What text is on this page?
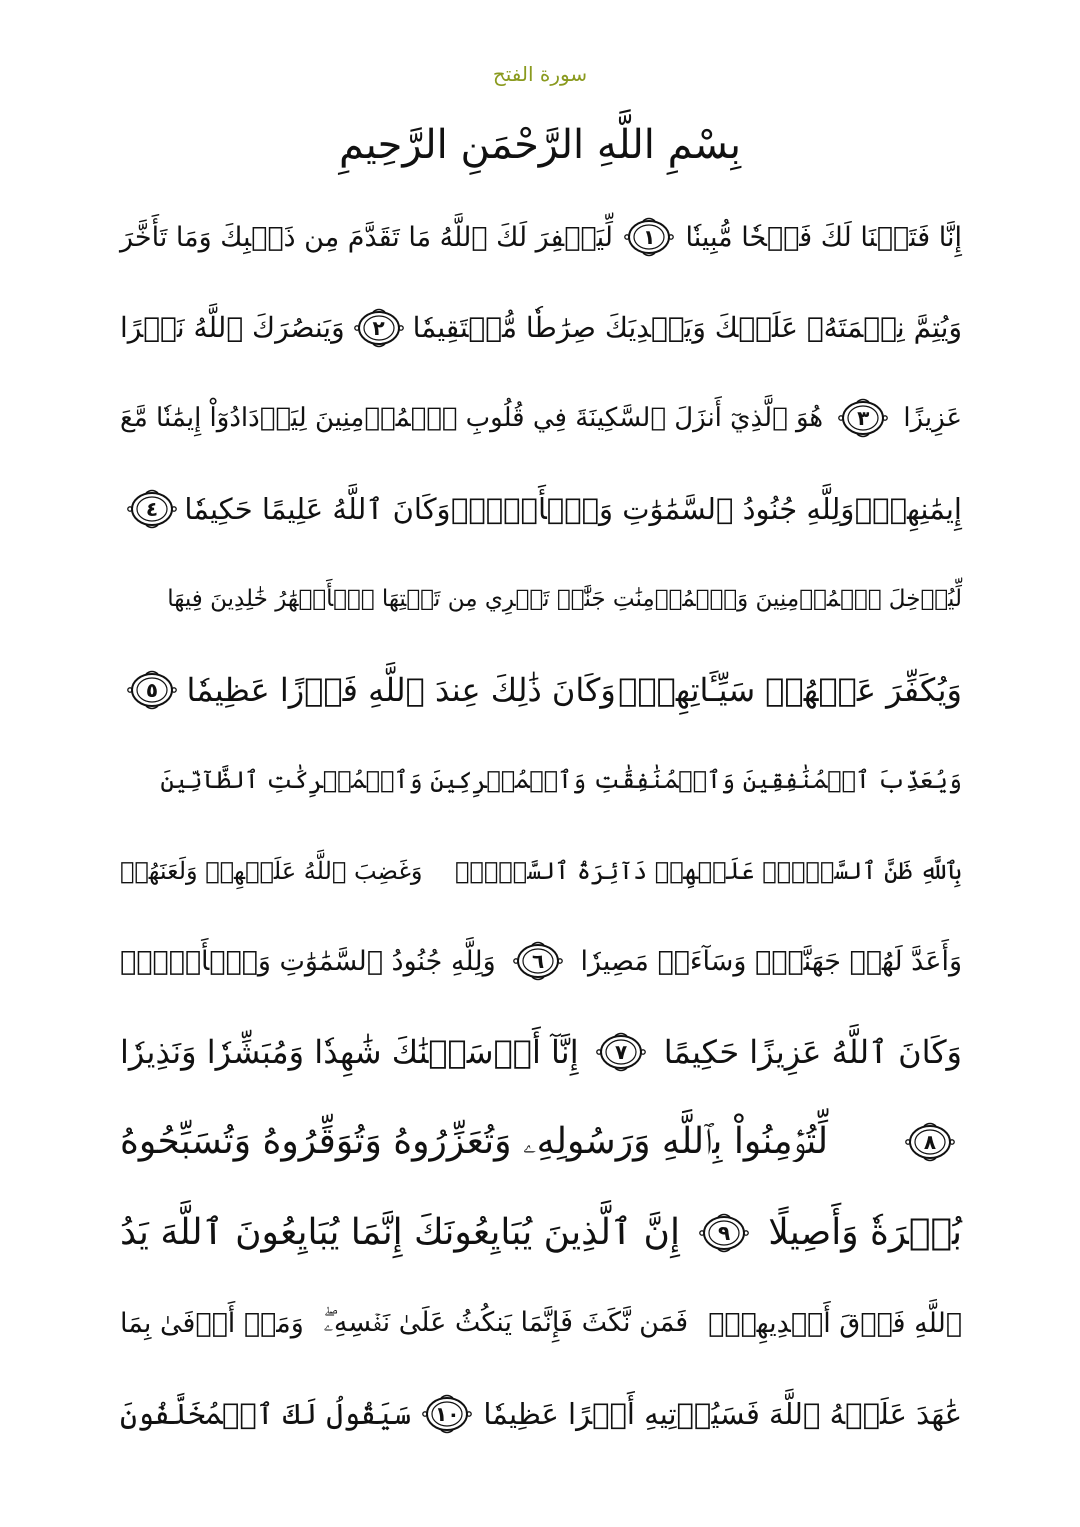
سورة الفتح
بِسْمِ اللَّهِ الرَّحْمَنِ الرَّحِيمِ
إِنَّا فَتَحۡنَا لَكَ فَتۡحٗا مُّبِينٗا
١
لِّيَغۡفِرَ لَكَ ٱللَّهُ مَا تَقَدَّمَ مِن ذَنۢبِكَ وَمَا تَأَخَّرَ
وَيُتِمَّ نِعۡمَتَهُۥ عَلَيۡكَ وَيَهۡدِيَكَ صِرَٰطٗا مُّسۡتَقِيمٗا
٢
وَيَنصُرَكَ ٱللَّهُ نَصۡرًا
عَزِيزًا
٣
هُوَ ٱلَّذِيٓ أَنزَلَ ٱلسَّكِينَةَ فِي قُلُوبِ ٱلۡمُؤۡمِنِينَ لِيَزۡدَادُوٓاْ إِيمَٰنٗا مَّعَ
إِيمَٰنِهِمۡۗ
وَلِلَّهِ جُنُودُ ٱلسَّمَٰوَٰتِ وَٱلۡأَرۡضِۚ
وَكَانَ ٱللَّهُ عَلِيمًا حَكِيمٗا
٤
لِّيُدۡخِلَ ٱلۡمُؤۡمِنِينَ وَٱلۡمُؤۡمِنَٰتِ جَنَّٰتٖ تَجۡرِي مِن تَحۡتِهَا ٱلۡأَنۡهَٰرُ خَٰلِدِينَ فِيهَا
وَيُكَفِّرَ عَنۡهُمۡ سَيِّـَٔاتِهِمۡۚ
وَكَانَ ذَٰلِكَ عِندَ ٱللَّهِ فَوۡزًا عَظِيمٗا
٥
وَيُعَذِّبَ ٱلۡمُنَٰفِقِينَ وَٱلۡمُنَٰفِقَٰتِ وَٱلۡمُشۡرِكِينَ وَٱلۡمُشۡرِكَٰتِ ٱلظَّآنِّينَ
بِٱللَّهِ ظَنَّ ٱلسَّوۡءِۚ عَلَيۡهِمۡ دَآئِرَةُ ٱلسَّوۡءِۖ
وَغَضِبَ ٱللَّهُ عَلَيۡهِمۡ وَلَعَنَهُمۡ
وَأَعَدَّ لَهُمۡ جَهَنَّمَۖ وَسَآءَتۡ مَصِيرٗا
٦
وَلِلَّهِ جُنُودُ ٱلسَّمَٰوَٰتِ وَٱلۡأَرۡضِۚ
وَكَانَ ٱللَّهُ عَزِيزًا حَكِيمًا
٧
إِنَّآ أَرۡسَلۡنَٰكَ شَٰهِدٗا وَمُبَشِّرٗا وَنَذِيرٗا
٨
لِّتُؤۡمِنُواْ بِٱللَّهِ وَرَسُولِهِۦ وَتُعَزِّرُوهُ وَتُوَقِّرُوهُ وَتُسَبِّحُوهُ
بُكۡرَةٗ وَأَصِيلًا
٩
إِنَّ ٱلَّذِينَ يُبَايِعُونَكَ إِنَّمَا يُبَايِعُونَ ٱللَّهَ يَدُ
ٱللَّهِ فَوۡقَ أَيۡدِيهِمۡۚ
فَمَن نَّكَثَ فَإِنَّمَا يَنكُثُ عَلَىٰ نَفۡسِهِۦۖ
وَمَنۡ أَوۡفَىٰ بِمَا
عَٰهَدَ عَلَيۡهُ ٱللَّهَ فَسَيُؤۡتِيهِ أَجۡرًا عَظِيمٗا
١٠
سَيَقُولُ لَكَ ٱلۡمُخَلَّفُونَ
